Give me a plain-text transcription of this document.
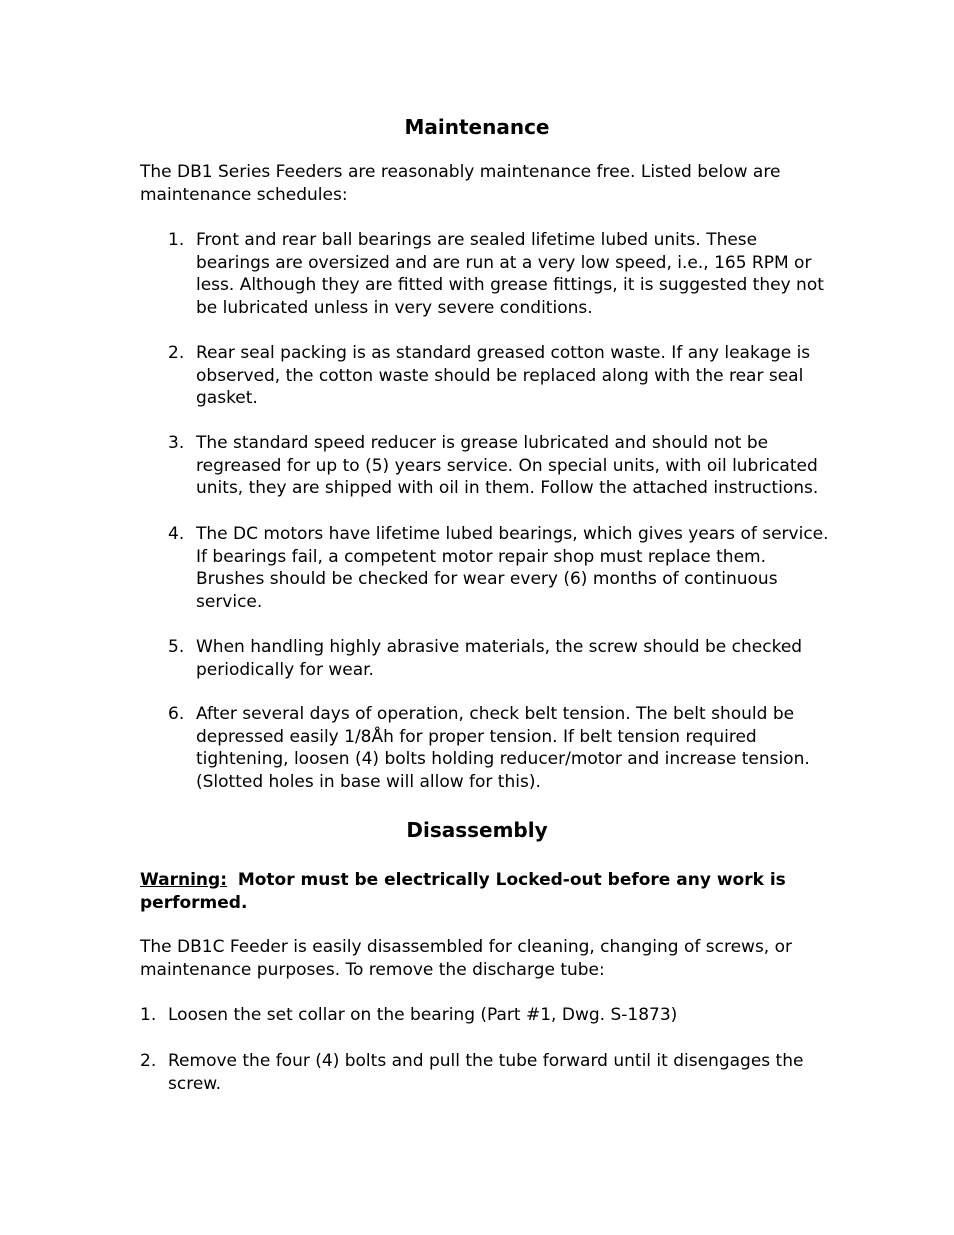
Maintenance
The DB1 Series Feeders are reasonably maintenance free. Listed below are
maintenance schedules:
1. Front and rear ball bearings are sealed lifetime lubed units. These
bearings are oversized and are run at a very low speed, i.e., 165 RPM or
less. Although they are fitted with grease fittings, it is suggested they not
be lubricated unless in very severe conditions.
2. Rear seal packing is as standard greased cotton waste. If any leakage is
observed, the cotton waste should be replaced along with the rear seal
gasket.
3. The standard speed reducer is grease lubricated and should not be
regreased for up to (5) years service. On special units, with oil lubricated
units, they are shipped with oil in them. Follow the attached instructions.
4. The DC motors have lifetime lubed bearings, which gives years of service.
If bearings fail, a competent motor repair shop must replace them.
Brushes should be checked for wear every (6) months of continuous
service.
5. When handling highly abrasive materials, the screw should be checked
periodically for wear.
6. After several days of operation, check belt tension. The belt should be
depressed easily 1/8Åh for proper tension. If belt tension required
tightening, loosen (4) bolts holding reducer/motor and increase tension.
(Slotted holes in base will allow for this).
Disassembly
Warning: Motor must be electrically Locked-out before any work is
performed.
The DB1C Feeder is easily disassembled for cleaning, changing of screws, or
maintenance purposes. To remove the discharge tube:
1. Loosen the set collar on the bearing (Part #1, Dwg. S-1873)
2. Remove the four (4) bolts and pull the tube forward until it disengages the
screw.
